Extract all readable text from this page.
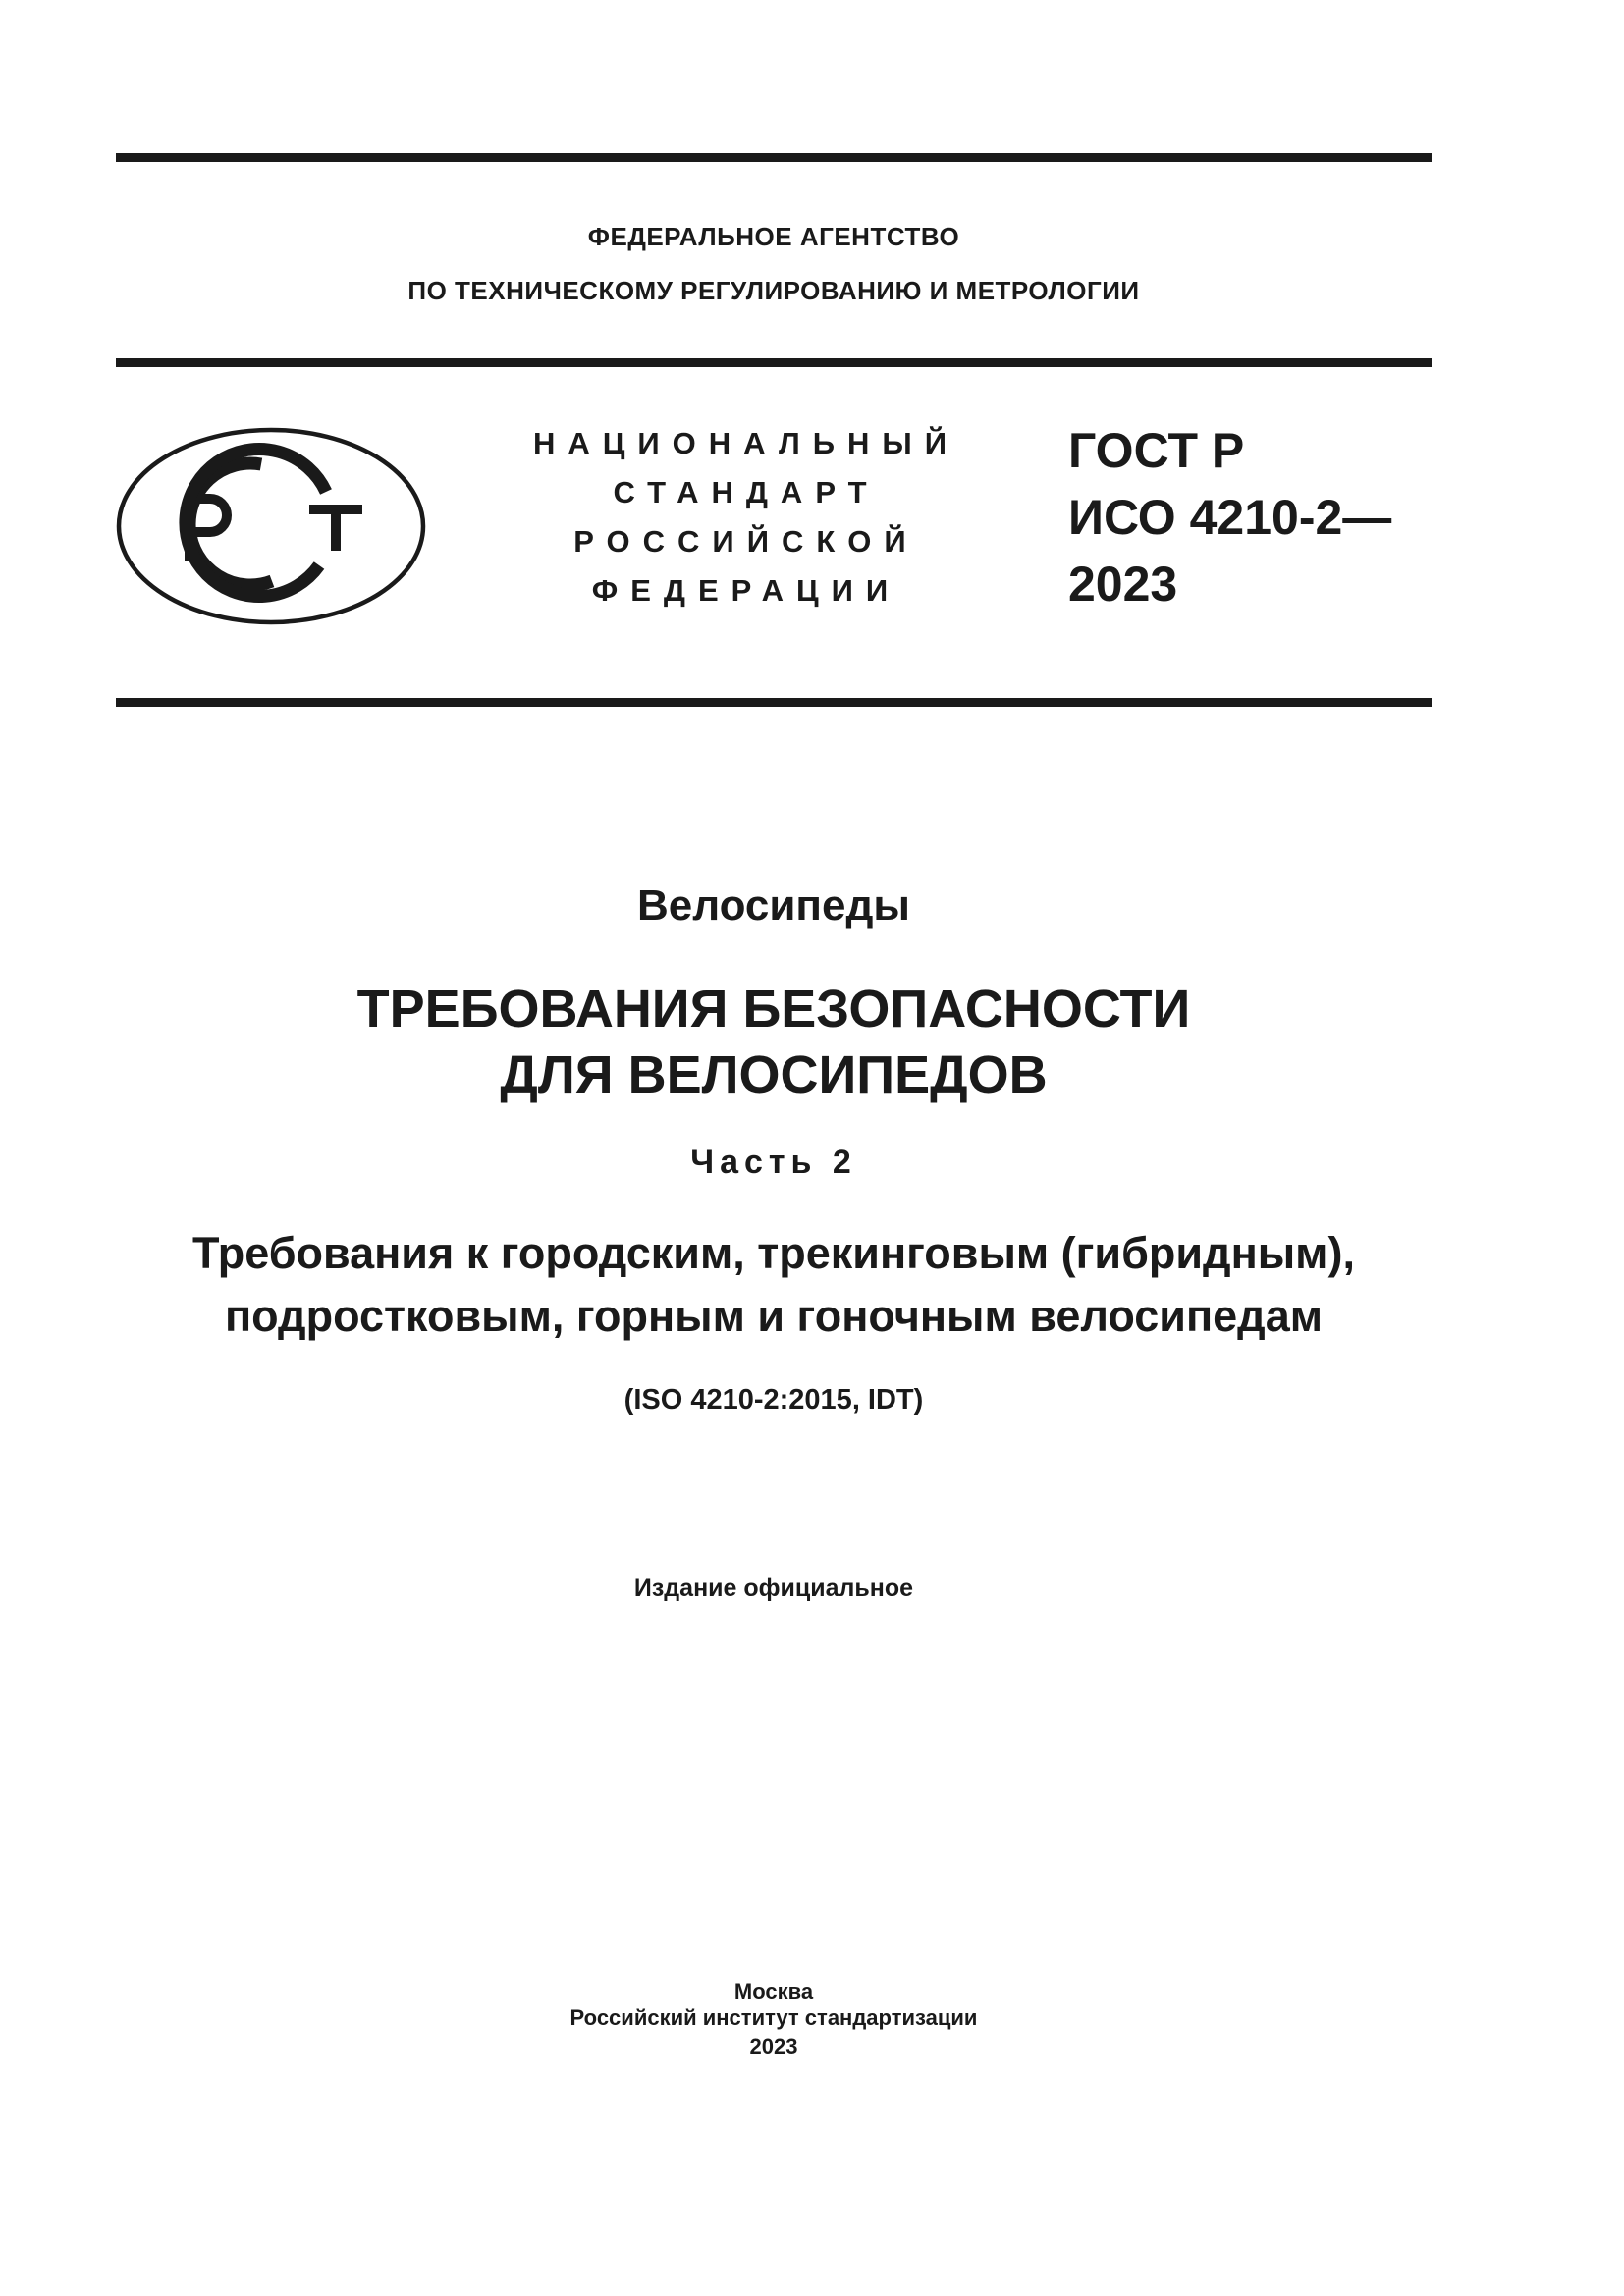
ФЕДЕРАЛЬНОЕ АГЕНТСТВО
ПО ТЕХНИЧЕСКОМУ РЕГУЛИРОВАНИЮ И МЕТРОЛОГИИ
НАЦИОНАЛЬНЫЙ
СТАНДАРТ
РОССИЙСКОЙ
ФЕДЕРАЦИИ
ГОСТ Р
ИСО 4210-2—
2023
Велосипеды
ТРЕБОВАНИЯ БЕЗОПАСНОСТИ
ДЛЯ ВЕЛОСИПЕДОВ
Часть 2
Требования к городским, трекинговым (гибридным),
подростковым, горным и гоночным велосипедам
(ISO 4210-2:2015, IDT)
Издание официальное
Москва
Российский институт стандартизации
2023
